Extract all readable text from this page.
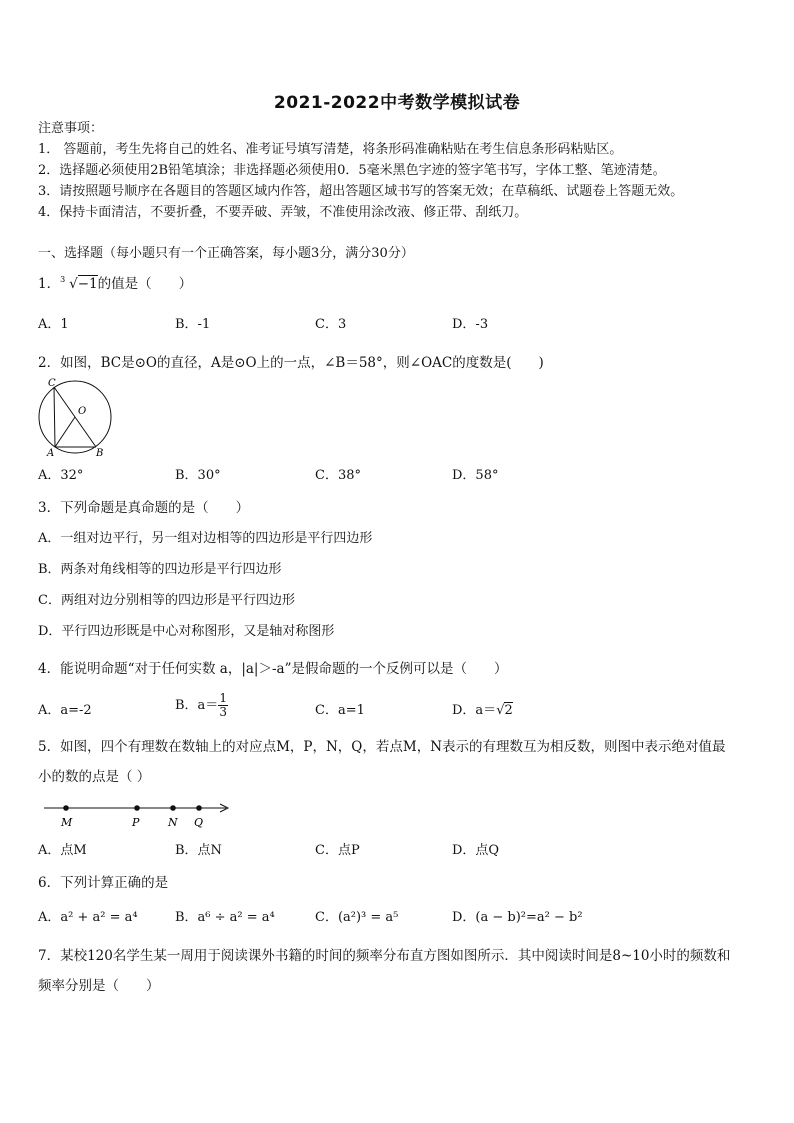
2021-2022中考数学模拟试卷
注意事项：
1． 答题前，考生先将自己的姓名、准考证号填写清楚，将条形码准确粘贴在考生信息条形码粘贴区。
2．选择题必须使用2B铅笔填涂；非选择题必须使用0．5毫米黑色字迹的签字笔书写，字体工整、笔迹清楚。
3．请按照题号顺序在各题目的答题区域内作答，超出答题区域书写的答案无效；在草稿纸、试题卷上答题无效。
4．保持卡面清洁，不要折叠，不要弄破、弄皱，不准使用涂改液、修正带、刮纸刀。
一、选择题（每小题只有一个正确答案，每小题3分，满分30分）
1． 3 √−1的值是（　　）
A．1	B．-1	C．3	D．-3
2．如图，BC是⊙O的直径，A是⊙O上的一点，∠B＝58°，则∠OAC的度数是(　　)
C
O
A	B
A．32°	B．30°	C．38°	D．58°
3．下列命题是真命题的是（　　）
A．一组对边平行，另一组对边相等的四边形是平行四边形
B．两条对角线相等的四边形是平行四边形
C．两组对边分别相等的四边形是平行四边形
D．平行四边形既是中心对称图形，又是轴对称图形
4．能说明命题“对于任何实数 a，|a|＞-a”是假命题的一个反例可以是（　　）
A．a=-2	B．$a= \frac{1}{3}$	C．a=1	D．a＝√2
5．如图，四个有理数在数轴上的对应点M，P，N，Q，若点M，N表示的有理数互为相反数，则图中表示绝对值最
小的数的点是（ ）
M	P	N Q
A．点M	B．点N	C．点P	D．点Q
6．下列计算正确的是
A．a² + a² = a⁴	B．a⁶ ÷ a² = a⁴	C．(a²)³ = a⁵	D．(a − b)²=a² − b²
7．某校120名学生某一周用于阅读课外书籍的时间的频率分布直方图如图所示．其中阅读时间是8~10小时的频数和
频率分别是（　　）
